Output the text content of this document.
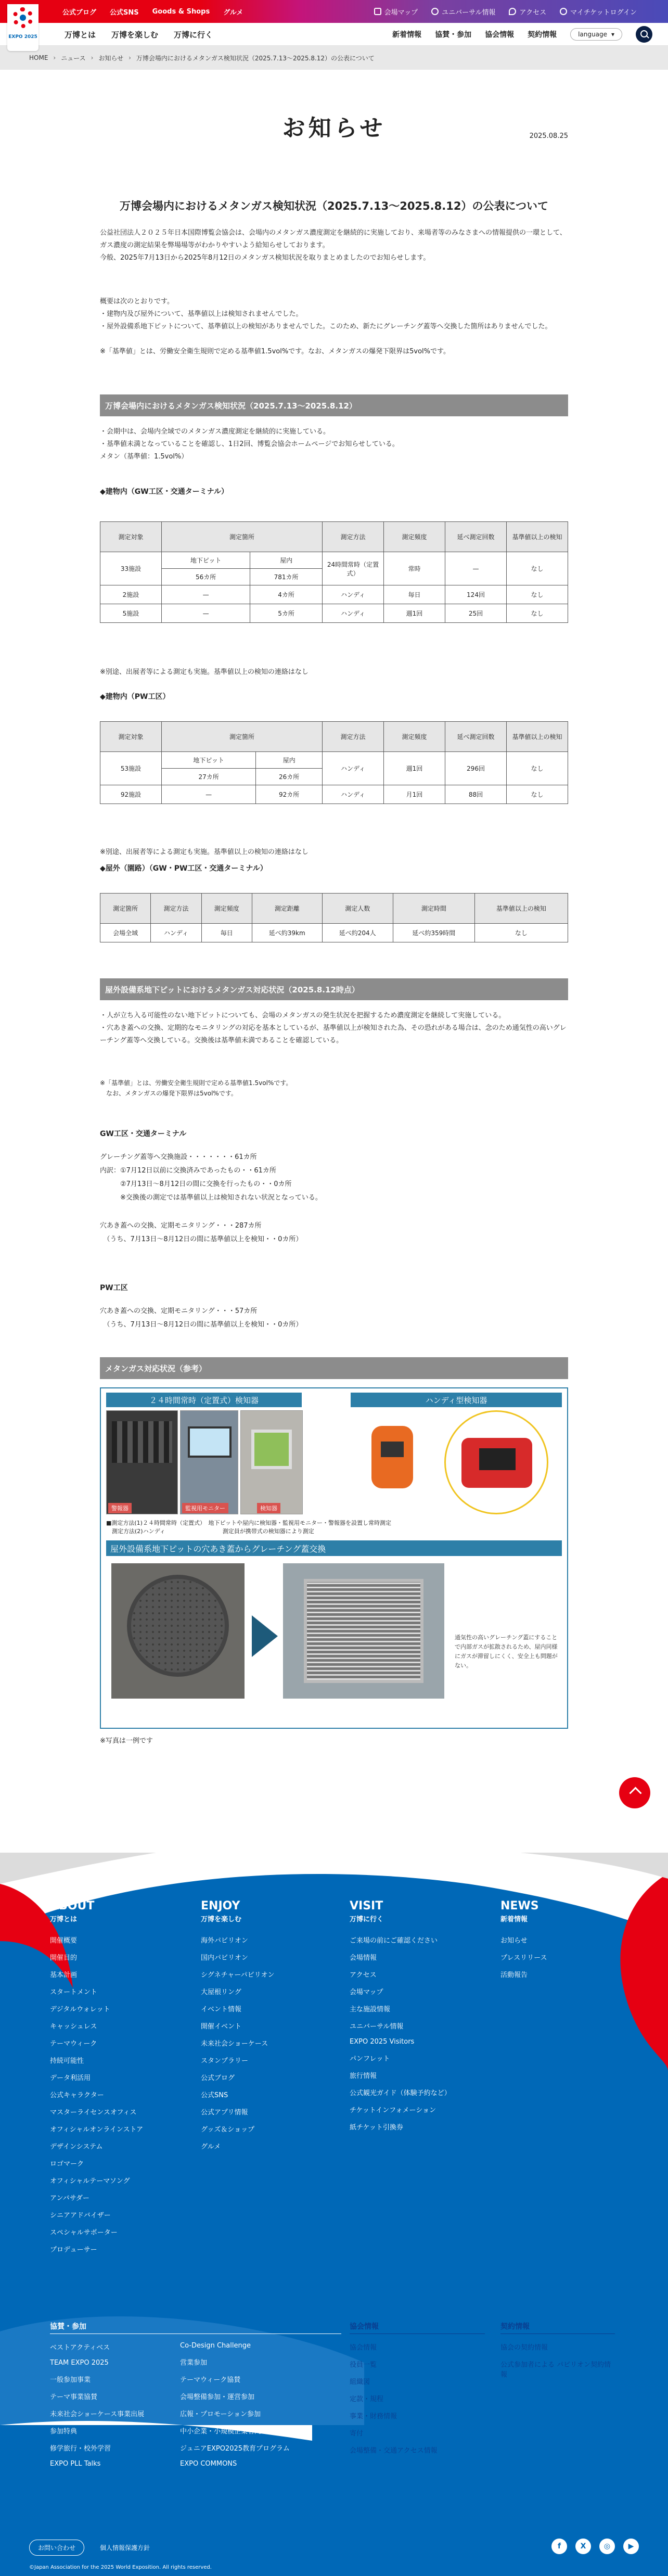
公式ブログ 公式SNS Goods & Shops グルメ	会場マップ	ユニバーサル情報	アクセス	マイチケットログイン
EXPO 2025	万博とは 万博を楽しむ 万博に行く	新着情報 協賛・参加 協会情報 契約情報	language ▾
HOME › ニュース › お知らせ › 万博会場内におけるメタンガス検知状況（2025.7.13〜2025.8.12）の公表について
お知らせ	2025.08.25
万博会場内におけるメタンガス検知状況（2025.7.13〜2025.8.12）の公表について

公益社団法人２０２５年日本国際博覧会協会は、会場内のメタンガス濃度測定を継続的に実施しており、来場者等のみなさまへの情報提供の一環として、ガス濃度の測定結果を弊場場等がわかりやすいよう給知らせしております。

今般、2025年7月13日から2025年8月12日のメタンガス検知状況を取りまとめましたのでお知らせします。

概要は次のとおりです。

・建物内及び屋外について、基準値以上は検知されませんでした。

・屋外設備系地下ピットについて、基準値以上の検知がありませんでした。このため、新たにグレーチング蓋等へ交換した箇所はありませんでした。

※「基準値」とは、労働安全衛生規則で定める基準値1.5vol%です。なお、メタンガスの爆発下限界は5vol%です。

万博会場内におけるメタンガス検知状況（2025.7.13〜2025.8.12）

・会期中は、会場内全域でのメタンガス濃度測定を継続的に実施している。

・基準値未満となっていることを確認し、1日2回、博覧会協会ホームページでお知らせしている。

メタン（基準値：1.5vol%）

◆建物内（GW工区・交通ターミナル）
測定対象	測定箇所		測定方法	測定頻度	延べ測定回数	基準値以上の検知

33施設	地下ピット	屋内	24時間常時（定置式）	常時	—	なし
	56カ所	781カ所				
2施設	—	4カ所	ハンディ	毎日	124回	なし
5施設	—	5カ所	ハンディ	週1回	25回	なし
※別途、出展者等による測定も実施。基準値以上の検知の連絡はなし
◆建物内（PW工区）
測定対象	測定箇所		測定方法	測定頻度	延べ測定回数	基準値以上の検知

53施設	地下ピット	屋内	ハンディ	週1回	296回	なし
	27カ所	26カ所				
92施設	—	92カ所	ハンディ	月1回	88回	なし
※別途、出展者等による測定も実施。基準値以上の検知の連絡はなし
◆屋外（園路）（GW・PW工区・交通ターミナル）
測定箇所	測定方法	測定頻度	測定距離	測定人数	測定時間	基準値以上の検知
会場全域	ハンディ	毎日	延べ約39km	延べ約204人	延べ約359時間	なし
屋外設備系地下ピットにおけるメタンガス対応状況（2025.8.12時点）

・人が立ち入る可能性のない地下ピットについても、会場のメタンガスの発生状況を把握するため濃度測定を継続して実施している。

・穴あき蓋への交換、定期的なモニタリングの対応を基本としているが、基準値以上が検知された為、その恐れがある場合は、念のため通気性の高いグレーチング蓋等へ交換している。交換後は基準値未満であることを確認している。

※「基準値」とは、労働安全衛生規則で定める基準値1.5vol%です。
　なお、メタンガスの爆発下限界は5vol%です。
GW工区・交通ターミナル
グレーチング蓋等へ交換施設・・・・・・・61カ所
内訳：①7月12日以前に交換済みであったもの・・61カ所
　　　②7月13日〜8月12日の間に交換を行ったもの・・0カ所
　　　※交換後の測定では基準値以上は検知されない状況となっている。
穴あき蓋への交換、定期モニタリング・・・287カ所
　（うち、7月13日〜8月12日の間に基準値以上を検知・・0カ所）
PW工区
穴あき蓋への交換、定期モニタリング・・・57カ所
　（うち、7月13日〜8月12日の間に基準値以上を検知・・0カ所）
メタンガス対応状況（参考）
２４時間常時（定置式）検知器	ハンディ型検知器
警報器	監視用モニター	検知器
■測定方法(1)２４時間常時（定置式）　地下ピットや屋内に検知器・監視用モニター・警報器を設置し常時測定
　測定方法(2)ハンディ　　　　　　　　　　測定員が携帯式の検知器により測定
屋外設備系地下ピットの穴あき蓋からグレーチング蓋交換
通気性の高いグレーチング蓋にすることで内部ガスが拡散されるため、屋内同様にガスが滞留しにくく、安全上も問題がない。
※写真は一例です
ABOUT
万博とは
開催概要
開催目的
基本計画
スタートメント
デジタルウォレット
キャッシュレス
テーマウィーク
持続可能性
データ利活用
公式キャラクター
マスターライセンスオフィス
オフィシャルオンラインストア
デザインシステム
ロゴマーク
オフィシャルテーマソング
アンバサダー
シニアアドバイザー
スペシャルサポーター
プロデューサー
ENJOY
万博を楽しむ
海外パビリオン
国内パビリオン
シグネチャーパビリオン
大屋根リング
イベント情報
開催イベント
未来社会ショーケース
スタンプラリー
公式ブログ
公式SNS
公式アプリ情報
グッズ＆ショップ
グルメ
VISIT
万博に行く
ご来場の前にご確認ください
会場情報
アクセス
会場マップ
主な施設情報
ユニバーサル情報
EXPO 2025 Visitors
パンフレット
旅行情報
公式観光ガイド（体験予約など）
チケットインフォメーション
紙チケット引換券
NEWS
新着情報
お知らせ
プレスリリース
活動報告
協賛・参加
ベストアクティベス
TEAM EXPO 2025
一般参加事業
テーマ事業協賛
未来社会ショーケース事業出展
参加特典
修学旅行・校外学習
EXPO PLL Talks
Co-Design Challenge
営業参加
テーマウィーク協賛
会場整備参加・運営参加
広報・プロモーション参加
中小企業・小規模企業者向け
ジュニアEXPO2025教育プログラム
EXPO COMMONS
協会情報
協会情報
役員一覧
組織図
定款・規程
事業・財務情報
寄付
会場整備・交通アクセス情報
契約情報
協会の契約情報
公式参加者による パビリオン契約情報
お問い合わせ	個人情報保護方針	f	X	◎	▶
©Japan Association for the 2025 World Exposition. All rights reserved.
